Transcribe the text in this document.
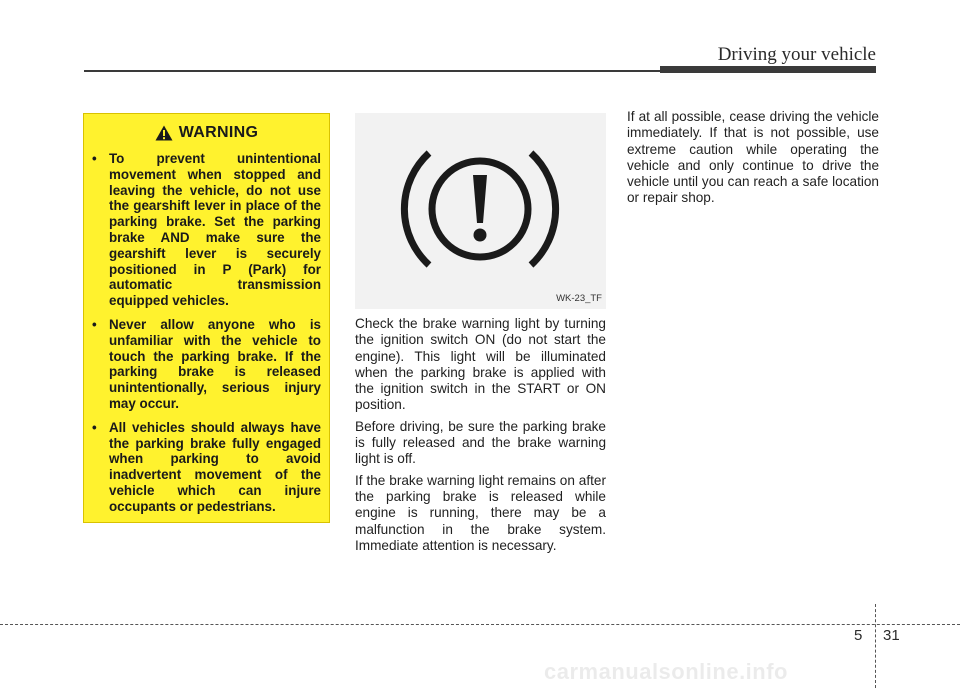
Driving your vehicle
WARNING
• To prevent unintentional movement when stopped and leaving the vehicle, do not use the gearshift lever in place of the parking brake. Set the parking brake AND make sure the gearshift lever is securely positioned in P (Park) for automatic transmission equipped vehicles.
• Never allow anyone who is unfamiliar with the vehicle to touch the parking brake. If the parking brake is released unintentionally, serious injury may occur.
• All vehicles should always have the parking brake fully engaged when parking to avoid inadvertent movement of the vehicle which can injure occupants or pedestrians.
WK-23_TF

Check the brake warning light by turning the ignition switch ON (do not start the engine). This light will be illuminated when the parking brake is applied with the ignition switch in the START or ON position.

Before driving, be sure the parking brake is fully released and the brake warning light is off.

If the brake warning light remains on after the parking brake is released while engine is running, there may be a malfunction in the brake system. Immediate attention is necessary.

If at all possible, cease driving the vehicle immediately. If that is not possible, use extreme caution while operating the vehicle and only continue to drive the vehicle until you can reach a safe location or repair shop.

5 31
carmanualsonline.info
